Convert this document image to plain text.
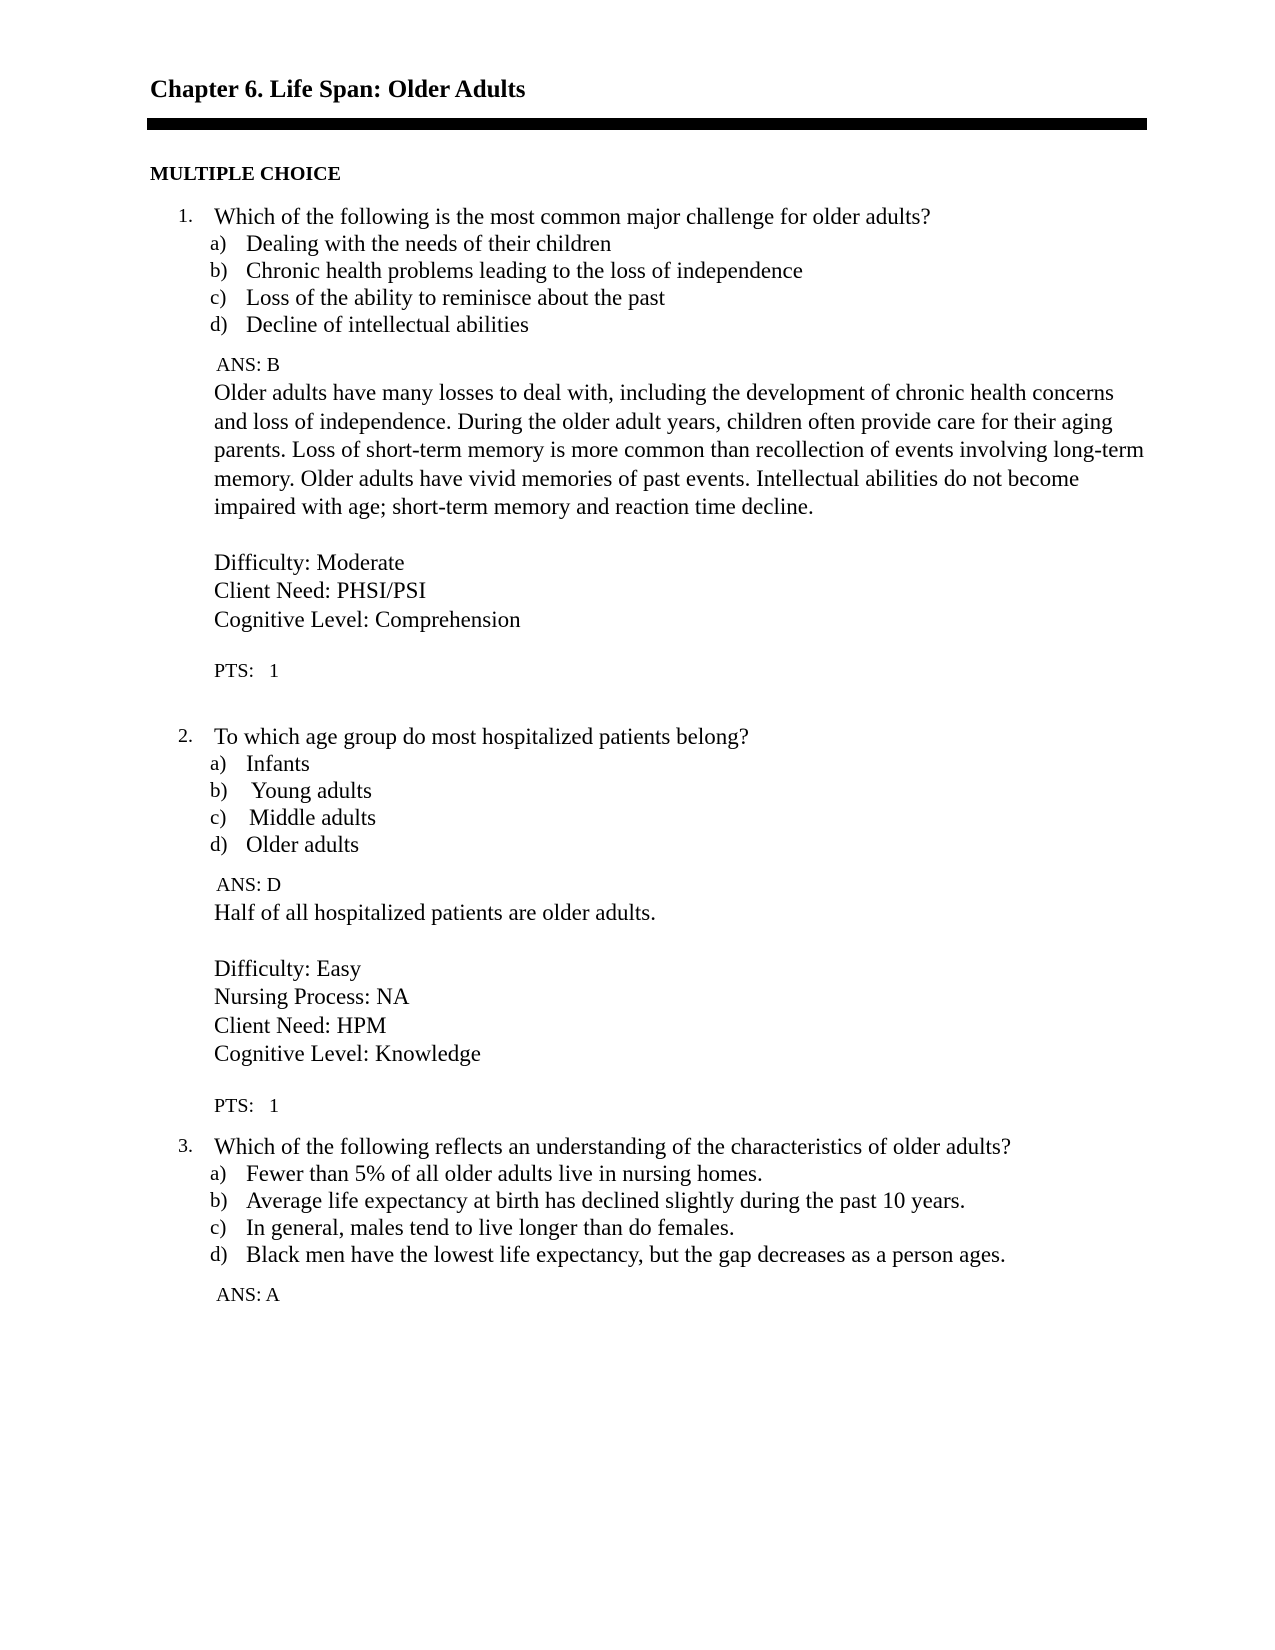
Chapter 6. Life Span: Older Adults
MULTIPLE CHOICE
1. Which of the following is the most common major challenge for older adults?
a) Dealing with the needs of their children
b) Chronic health problems leading to the loss of independence
c) Loss of the ability to reminisce about the past
d) Decline of intellectual abilities
ANS: B
Older adults have many losses to deal with, including the development of chronic health concerns and loss of independence. During the older adult years, children often provide care for their aging parents. Loss of short-term memory is more common than recollection of events involving long-term memory. Older adults have vivid memories of past events. Intellectual abilities do not become impaired with age; short-term memory and reaction time decline.
Difficulty: Moderate
Client Need: PHSI/PSI
Cognitive Level: Comprehension
PTS:   1
2. To which age group do most hospitalized patients belong?
a) Infants
b) Young adults
c) Middle adults
d) Older adults
ANS: D
Half of all hospitalized patients are older adults.
Difficulty: Easy
Nursing Process: NA
Client Need: HPM
Cognitive Level: Knowledge
PTS:   1
3. Which of the following reflects an understanding of the characteristics of older adults?
a) Fewer than 5% of all older adults live in nursing homes.
b) Average life expectancy at birth has declined slightly during the past 10 years.
c) In general, males tend to live longer than do females.
d) Black men have the lowest life expectancy, but the gap decreases as a person ages.
ANS: A
